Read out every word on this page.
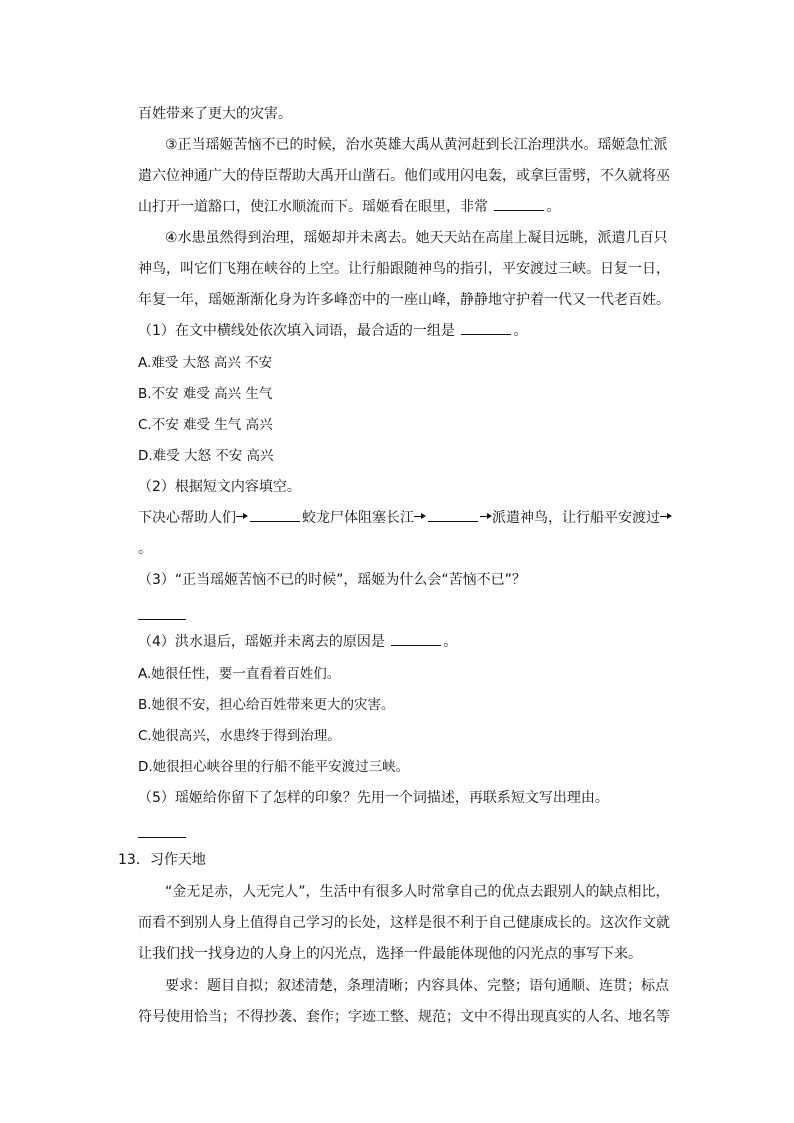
百姓带来了更大的灾害。
③正当瑶姬苦恼不已的时候，治水英雄大禹从黄河赶到长江治理洪水。瑶姬急忙派
遣六位神通广大的侍臣帮助大禹开山凿石。他们或用闪电轰，或拿巨雷劈，不久就将巫
山打开一道豁口，使江水顺流而下。瑶姬看在眼里，非常	。
④水患虽然得到治理，瑶姬却并未离去。她天天站在高崖上凝目远眺，派遣几百只
神鸟，叫它们飞翔在峡谷的上空。让行船跟随神鸟的指引，平安渡过三峡。日复一日，
年复一年，瑶姬渐渐化身为许多峰峦中的一座山峰，静静地守护着一代又一代老百姓。
（1）在文中横线处依次填入词语，最合适的一组是	。
A.难受 大怒 高兴 不安
B.不安 难受 高兴 生气
C.不安 难受 生气 高兴
D.难受 大怒 不安 高兴
（2）根据短文内容填空。
下决心帮助人们	蛟龙尸体阻塞长江	派遣神鸟，让行船平安渡过
。
（3）“正当瑶姬苦恼不已的时候”，瑶姬为什么会“苦恼不已”？
（4）洪水退后，瑶姬并未离去的原因是	。
A.她很任性，要一直看着百姓们。
B.她很不安，担心给百姓带来更大的灾害。
C.她很高兴，水患终于得到治理。
D.她很担心峡谷里的行船不能平安渡过三峡。
（5）瑶姬给你留下了怎样的印象？先用一个词描述，再联系短文写出理由。
13．习作天地
“金无足赤，人无完人”，生活中有很多人时常拿自己的优点去跟别人的缺点相比，
而看不到别人身上值得自己学习的长处，这样是很不利于自己健康成长的。这次作文就
让我们找一找身边的人身上的闪光点，选择一件最能体现他的闪光点的事写下来。
要求：题目自拟；叙述清楚，条理清晰；内容具体、完整；语句通顺、连贯；标点
符号使用恰当；不得抄袭、套作；字迹工整、规范；文中不得出现真实的人名、地名等
